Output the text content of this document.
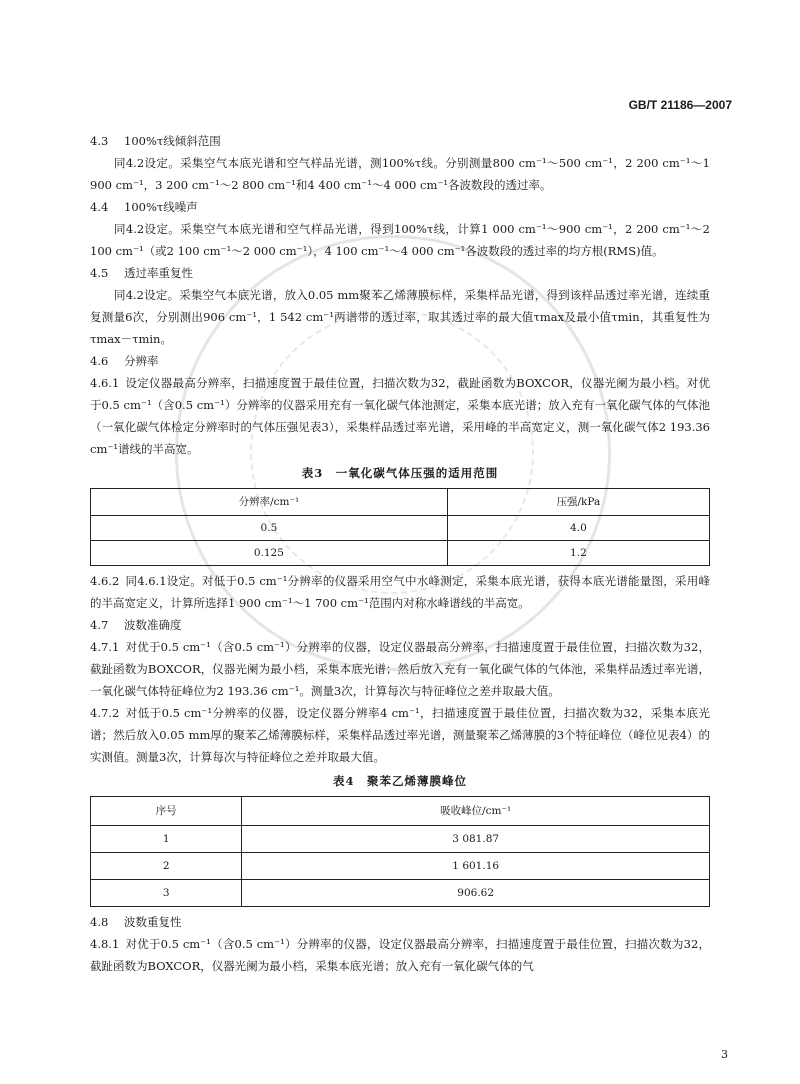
GB/T 21186—2007

4.3 100%τ线倾斜范围

同4.2设定。采集空气本底光谱和空气样品光谱，测100%τ线。分别测量800 cm⁻¹～500 cm⁻¹，2 200 cm⁻¹～1 900 cm⁻¹，3 200 cm⁻¹～2 800 cm⁻¹和4 400 cm⁻¹～4 000 cm⁻¹各波数段的透过率。

4.4 100%τ线噪声

同4.2设定。采集空气本底光谱和空气样品光谱，得到100%τ线，计算1 000 cm⁻¹～900 cm⁻¹，2 200 cm⁻¹～2 100 cm⁻¹（或2 100 cm⁻¹～2 000 cm⁻¹），4 100 cm⁻¹～4 000 cm⁻¹各波数段的透过率的均方根(RMS)值。

4.5 透过率重复性

同4.2设定。采集空气本底光谱，放入0.05 mm聚苯乙烯薄膜标样，采集样品光谱，得到该样品透过率光谱，连续重复测量6次，分别测出906 cm⁻¹，1 542 cm⁻¹两谱带的透过率，取其透过率的最大值τmax及最小值τmin，其重复性为τmax－τmin。

4.6 分辨率

4.6.1 设定仪器最高分辨率，扫描速度置于最佳位置，扫描次数为32，截趾函数为BOXCOR，仪器光阑为最小档。对优于0.5 cm⁻¹（含0.5 cm⁻¹）分辨率的仪器采用充有一氧化碳气体池测定，采集本底光谱；放入充有一氧化碳气体的气体池（一氧化碳气体检定分辨率时的气体压强见表3），采集样品透过率光谱，采用峰的半高宽定义，测一氧化碳气体2 193.36 cm⁻¹谱线的半高宽。

表3　一氧化碳气体压强的适用范围
分辨率/cm⁻¹	压强/kPa
0.5	4.0
0.125	1.2

4.6.2 同4.6.1设定。对低于0.5 cm⁻¹分辨率的仪器采用空气中水峰测定，采集本底光谱，获得本底光谱能量图，采用峰的半高宽定义，计算所选择1 900 cm⁻¹～1 700 cm⁻¹范围内对称水峰谱线的半高宽。

4.7 波数准确度

4.7.1 对优于0.5 cm⁻¹（含0.5 cm⁻¹）分辨率的仪器，设定仪器最高分辨率，扫描速度置于最佳位置，扫描次数为32，截趾函数为BOXCOR，仪器光阑为最小档，采集本底光谱；然后放入充有一氧化碳气体的气体池，采集样品透过率光谱，一氧化碳气体特征峰位为2 193.36 cm⁻¹。测量3次，计算每次与特征峰位之差并取最大值。

4.7.2 对低于0.5 cm⁻¹分辨率的仪器，设定仪器分辨率4 cm⁻¹，扫描速度置于最佳位置，扫描次数为32，采集本底光谱；然后放入0.05 mm厚的聚苯乙烯薄膜标样，采集样品透过率光谱，测量聚苯乙烯薄膜的3个特征峰位（峰位见表4）的实测值。测量3次，计算每次与特征峰位之差并取最大值。

表4　聚苯乙烯薄膜峰位
序号	吸收峰位/cm⁻¹
1	3 081.87
2	1 601.16
3	906.62

4.8 波数重复性

4.8.1 对优于0.5 cm⁻¹（含0.5 cm⁻¹）分辨率的仪器，设定仪器最高分辨率，扫描速度置于最佳位置，扫描次数为32，截趾函数为BOXCOR，仪器光阑为最小档，采集本底光谱；放入充有一氧化碳气体的气

3
